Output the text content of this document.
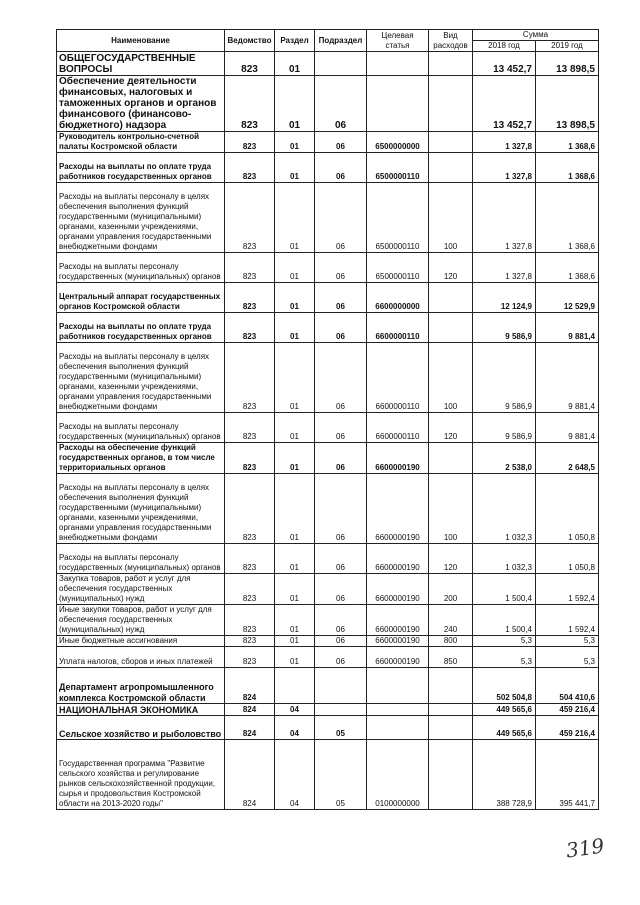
Наименование	Ведомство	Раздел	Подраздел	Целевая статья	Вид расходов	Сумма	
						2018 год	2019 год
ОБЩЕГОСУДАРСТВЕННЫЕ ВОПРОСЫ	823	01				13 452,7	13 898,5
Обеспечение деятельности финансовых, налоговых и таможенных органов и органов финансового (финансово-бюджетного) надзора	823	01	06			13 452,7	13 898,5
Руководитель контрольно-счетной палаты Костромской области	823	01	06	6500000000		1 327,8	1 368,6
Расходы на выплаты по оплате труда работников государственных органов	823	01	06	6500000110		1 327,8	1 368,6
Расходы на выплаты персоналу в целях обеспечения выполнения функций государственными (муниципальными) органами, казенными учреждениями, органами управления государственными внебюджетными фондами	823	01	06	6500000110	100	1 327,8	1 368,6
Расходы на выплаты персоналу государственных (муниципальных) органов	823	01	06	6500000110	120	1 327,8	1 368,6
Центральный аппарат государственных органов Костромской области	823	01	06	6600000000		12 124,9	12 529,9
Расходы на выплаты по оплате труда работников государственных органов	823	01	06	6600000110		9 586,9	9 881,4
Расходы на выплаты персоналу в целях обеспечения выполнения функций государственными (муниципальными) органами, казенными учреждениями, органами управления государственными внебюджетными фондами	823	01	06	6600000110	100	9 586,9	9 881,4
Расходы на выплаты персоналу государственных (муниципальных) органов	823	01	06	6600000110	120	9 586,9	9 881,4
Расходы на обеспечение функций государственных органов, в том числе территориальных органов	823	01	06	6600000190		2 538,0	2 648,5
Расходы на выплаты персоналу в целях обеспечения выполнения функций государственными (муниципальными) органами, казенными учреждениями, органами управления государственными внебюджетными фондами	823	01	06	6600000190	100	1 032,3	1 050,8
Расходы на выплаты персоналу государственных (муниципальных) органов	823	01	06	6600000190	120	1 032,3	1 050,8
Закупка товаров, работ и услуг для обеспечения государственных (муниципальных) нужд	823	01	06	6600000190	200	1 500,4	1 592,4
Иные закупки товаров, работ и услуг для обеспечения государственных (муниципальных) нужд	823	01	06	6600000190	240	1 500,4	1 592,4
Иные бюджетные ассигнования	823	01	06	6600000190	800	5,3	5,3
Уплата налогов, сборов и иных платежей	823	01	06	6600000190	850	5,3	5,3
Департамент агропромышленного комплекса Костромской области	824					502 504,8	504 410,6
НАЦИОНАЛЬНАЯ ЭКОНОМИКА	824	04				449 565,6	459 216,4
Сельское хозяйство и рыболовство	824	04	05			449 565,6	459 216,4
Государственная программа "Развитие сельского хозяйства и регулирование рынков сельскохозяйственной продукции, сырья и продовольствия Костромской области на 2013-2020 годы"	824	04	05	0100000000		388 728,9	395 441,7
319
